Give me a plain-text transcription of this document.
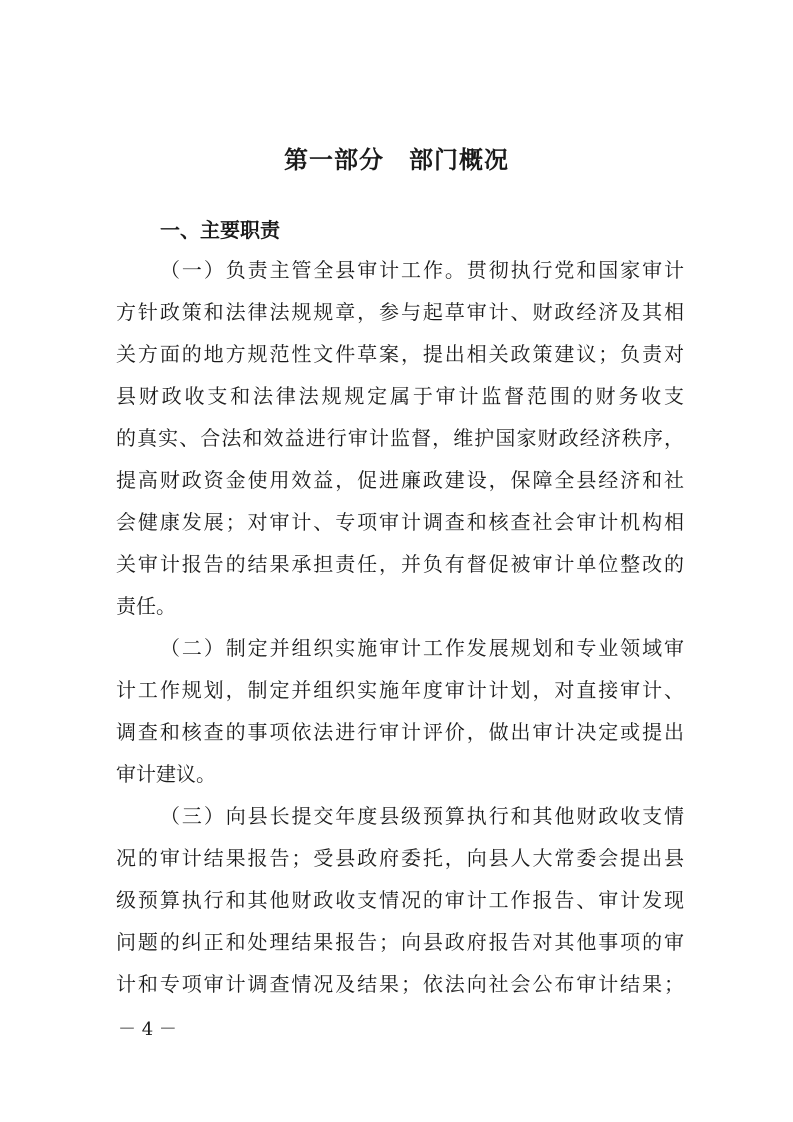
第一部分　部门概况
一、主要职责

（一）负责主管全县审计工作。贯彻执行党和国家审计
方针政策和法律法规规章，参与起草审计、财政经济及其相
关方面的地方规范性文件草案，提出相关政策建议；负责对
县财政收支和法律法规规定属于审计监督范围的财务收支
的真实、合法和效益进行审计监督，维护国家财政经济秩序，
提高财政资金使用效益，促进廉政建设，保障全县经济和社
会健康发展；对审计、专项审计调查和核查社会审计机构相
关审计报告的结果承担责任，并负有督促被审计单位整改的
责任。

（二）制定并组织实施审计工作发展规划和专业领域审
计工作规划，制定并组织实施年度审计计划，对直接审计、
调查和核查的事项依法进行审计评价，做出审计决定或提出
审计建议。

（三）向县长提交年度县级预算执行和其他财政收支情
况的审计结果报告；受县政府委托，向县人大常委会提出县
级预算执行和其他财政收支情况的审计工作报告、审计发现
问题的纠正和处理结果报告；向县政府报告对其他事项的审
计和专项审计调查情况及结果；依法向社会公布审计结果；

－ 4 －
